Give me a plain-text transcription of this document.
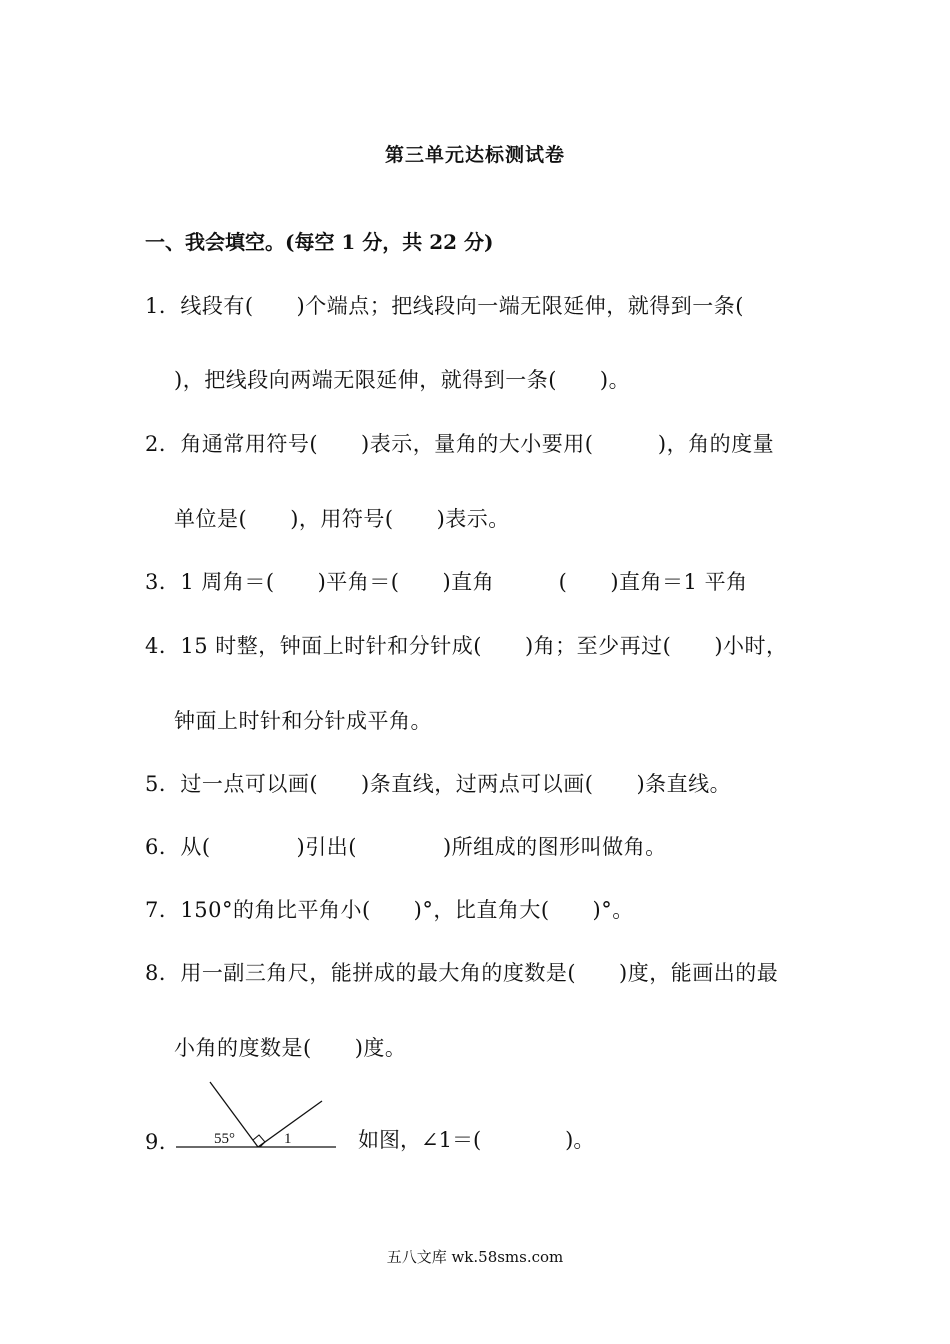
第三单元达标测试卷
一、我会填空。(每空 1 分，共 22 分)
1．线段有(　　)个端点；把线段向一端无限延伸，就得到一条(
)，把线段向两端无限延伸，就得到一条(　　)。
2．角通常用符号(　　)表示，量角的大小要用(　　　)，角的度量
单位是(　　)，用符号(　　)表示。
3．1 周角＝(　　)平角＝(　　)直角　　　(　　)直角＝1 平角
4．15 时整，钟面上时针和分针成(　　)角；至少再过(　　)小时，
钟面上时针和分针成平角。
5．过一点可以画(　　)条直线，过两点可以画(　　)条直线。
6．从(　　　　)引出(　　　　)所组成的图形叫做角。
7．150°的角比平角小(　　)°，比直角大(　　)°。
8．用一副三角尺，能拼成的最大角的度数是(　　)度，能画出的最
小角的度数是(　　)度。
9． 55°	1	如图，∠1＝(　　　　)。
五八文库 wk.58sms.com
